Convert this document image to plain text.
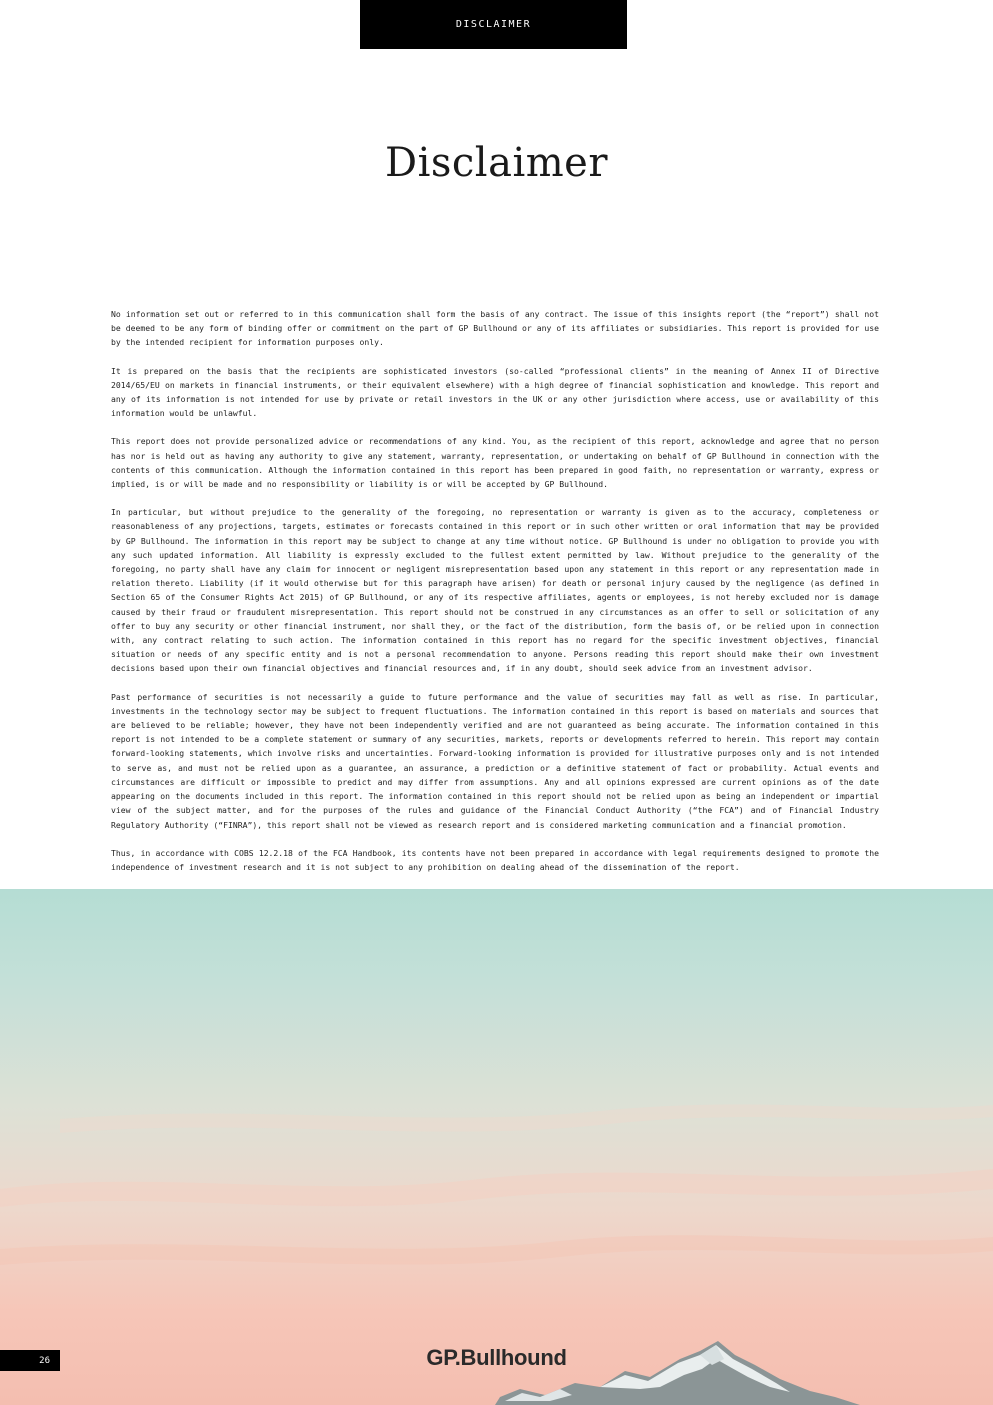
DISCLAIMER
Disclaimer

No information set out or referred to in this communication shall form the basis of any contract. The issue of this insights report (the “report”) shall not be deemed to be any form of binding offer or commitment on the part of GP Bullhound or any of its affiliates or subsidiaries. This report is provided for use by the intended recipient for information purposes only.

It is prepared on the basis that the recipients are sophisticated investors (so-called “professional clients” in the meaning of Annex II of Directive 2014/65/EU on markets in financial instruments, or their equivalent elsewhere) with a high degree of financial sophistication and knowledge. This report and any of its information is not intended for use by private or retail investors in the UK or any other jurisdiction where access, use or availability of this information would be unlawful.

This report does not provide personalized advice or recommendations of any kind. You, as the recipient of this report, acknowledge and agree that no person has nor is held out as having any authority to give any statement, warranty, representation, or undertaking on behalf of GP Bullhound in connection with the contents of this communication. Although the information contained in this report has been prepared in good faith, no representation or warranty, express or implied, is or will be made and no responsibility or liability is or will be accepted by GP Bullhound.

In particular, but without prejudice to the generality of the foregoing, no representation or warranty is given as to the accuracy, completeness or reasonableness of any projections, targets, estimates or forecasts contained in this report or in such other written or oral information that may be provided by GP Bullhound. The information in this report may be subject to change at any time without notice. GP Bullhound is under no obligation to provide you with any such updated information. All liability is expressly excluded to the fullest extent permitted by law. Without prejudice to the generality of the foregoing, no party shall have any claim for innocent or negligent misrepresentation based upon any statement in this report or any representation made in relation thereto. Liability (if it would otherwise but for this paragraph have arisen) for death or personal injury caused by the negligence (as defined in Section 65 of the Consumer Rights Act 2015) of GP Bullhound, or any of its respective affiliates, agents or employees, is not hereby excluded nor is damage caused by their fraud or fraudulent misrepresentation. This report should not be construed in any circumstances as an offer to sell or solicitation of any offer to buy any security or other financial instrument, nor shall they, or the fact of the distribution, form the basis of, or be relied upon in connection with, any contract relating to such action. The information contained in this report has no regard for the specific investment objectives, financial situation or needs of any specific entity and is not a personal recommendation to anyone. Persons reading this report should make their own investment decisions based upon their own financial objectives and financial resources and, if in any doubt, should seek advice from an investment advisor.

Past performance of securities is not necessarily a guide to future performance and the value of securities may fall as well as rise. In particular, investments in the technology sector may be subject to frequent fluctuations. The information contained in this report is based on materials and sources that are believed to be reliable; however, they have not been independently verified and are not guaranteed as being accurate. The information contained in this report is not intended to be a complete statement or summary of any securities, markets, reports or developments referred to herein. This report may contain forward-looking statements, which involve risks and uncertainties. Forward-looking information is provided for illustrative purposes only and is not intended to serve as, and must not be relied upon as a guarantee, an assurance, a prediction or a definitive statement of fact or probability. Actual events and circumstances are difficult or impossible to predict and may differ from assumptions. Any and all opinions expressed are current opinions as of the date appearing on the documents included in this report. The information contained in this report should not be relied upon as being an independent or impartial view of the subject matter, and for the purposes of the rules and guidance of the Financial Conduct Authority (“the FCA”) and of Financial Industry Regulatory Authority (“FINRA”), this report shall not be viewed as research report and is considered marketing communication and a financial promotion.

Thus, in accordance with COBS 12.2.18 of the FCA Handbook, its contents have not been prepared in accordance with legal requirements designed to promote the independence of investment research and it is not subject to any prohibition on dealing ahead of the dissemination of the report.

26	GP.Bullhound
